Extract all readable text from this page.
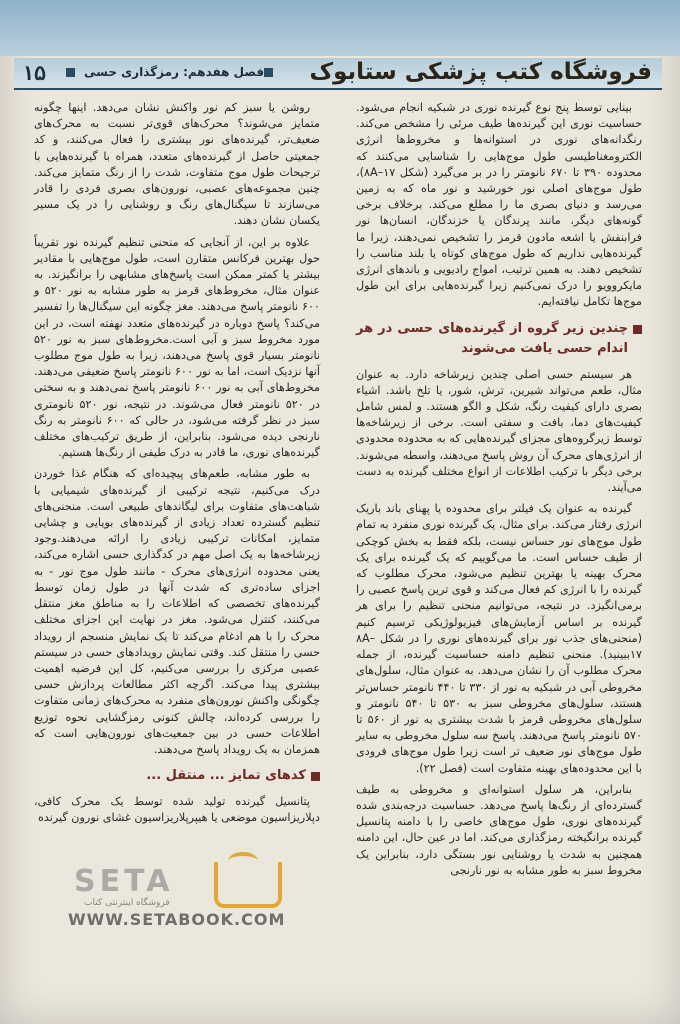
فروشگاه کتب پزشکی ستابوک
فصل هفدهم: رمزگذاری حسی
۱۵

بینایی توسط پنج نوع گیرنده نوری در شبکیه انجام می‌شود. حساسیت نوری این گیرنده‌ها طیف مرئی را مشخص می‌کند. رنگدانه‌های نوری در استوانه‌ها و مخروط‌ها انرژی الکترومغناطیسی طول موج‌هایی را شناسایی می‌کنند که محدوده ۳۹۰ تا ۶۷۰ نانومتر را در بر می‌گیرد (شکل ۸A–۱۷)، طول موج‌های اصلی نور خورشید و نور ماه که به زمین می‌رسد و دنیای بصری ما را مطلع می‌کند. برخلاف برخی گونه‌های دیگر، مانند پرندگان یا خزندگان، انسان‌ها نور فرابنفش یا اشعه مادون قرمز را تشخیص نمی‌دهند، زیرا ما گیرنده‌هایی نداریم که طول موج‌های کوتاه یا بلند مناسب را تشخیص دهند. به همین ترتیب، امواج رادیویی و باندهای انرژی مایکروویو را درک نمی‌کنیم زیرا گیرنده‌هایی برای این طول موج‌ها تکامل نیافته‌ایم.

چندین زیر گروه از گیرنده‌های حسی در هر اندام حسی یافت می‌شوند

هر سیستم حسی اصلی چندین زیرشاخه دارد. به عنوان مثال، طعم می‌تواند شیرین، ترش، شور، یا تلخ باشد. اشیاء بصری دارای کیفیت رنگ، شکل و الگو هستند. و لمس شامل کیفیت‌های دما، بافت و سفتی است. برخی از زیرشاخه‌ها توسط زیرگروه‌های مجزای گیرنده‌هایی که به محدوده محدودی از انرژی‌های محرک آن روش پاسخ می‌دهند، واسطه می‌شوند. برخی دیگر با ترکیب اطلاعات از انواع مختلف گیرنده به دست می‌آیند.

گیرنده به عنوان یک فیلتر برای محدوده یا پهنای باند باریک انرژی رفتار می‌کند. برای مثال، یک گیرنده نوری منفرد به تمام طول موج‌های نور حساس نیست، بلکه فقط به بخش کوچکی از طیف حساس است. ما می‌گوییم که یک گیرنده برای یک محرک بهینه یا بهترین تنظیم می‌شود، محرک مطلوب که گیرنده را با انرژی کم فعال می‌کند و قوی ترین پاسخ عصبی را برمی‌انگیزد. در نتیجه، می‌توانیم منحنی تنظیم را برای هر گیرنده بر اساس آزمایش‌های فیزیولوژیکی ترسیم کنیم (منحنی‌های جذب نور برای گیرنده‌های نوری را در شکل ۸A–۱۷ببینید). منحنی تنظیم دامنه حساسیت گیرنده، از جمله محرک مطلوب آن را نشان می‌دهد. به عنوان مثال، سلول‌های مخروطی آبی در شبکیه به نور از ۳۳۰ تا ۴۴۰ نانومتر حساس‌تر هستند، سلول‌های مخروطی سبز به ۵۳۰ تا ۵۴۰ نانومتر و سلول‌های مخروطی قرمز با شدت بیشتری به نور از ۵۶۰ تا ۵۷۰ نانومتر پاسخ می‌دهند. پاسخ سه سلول مخروطی به سایر طول موج‌های نور ضعیف تر است زیرا طول موج‌های فرودی با این محدوده‌های بهینه متفاوت است (فصل ۲۲).

بنابراین، هر سلول استوانه‌ای و مخروطی به طیف گسترده‌ای از رنگ‌ها پاسخ می‌دهد. حساسیت درجه‌بندی شده گیرنده‌های نوری، طول موج‌های خاصی را با دامنه پتانسیل گیرنده برانگیخته رمزگذاری می‌کند. اما در عین حال، این دامنه همچنین به شدت یا روشنایی نور بستگی دارد، بنابراین یک مخروط سبز به طور مشابه به نور نارنجی

روشن یا سبز کم نور واکنش نشان می‌دهد. اینها چگونه متمایز می‌شوند؟ محرک‌های قوی‌تر نسبت به محرک‌های ضعیف‌تر، گیرنده‌های نور بیشتری را فعال می‌کنند، و کد جمعیتی حاصل از گیرنده‌های متعدد، همراه با گیرنده‌هایی با ترجیحات طول موج متفاوت، شدت را از رنگ متمایز می‌کند. چنین مجموعه‌های عصبی، نورون‌های بصری فردی را قادر می‌سازند تا سیگنال‌های رنگ و روشنایی را در یک مسیر یکسان نشان دهند.

علاوه بر این، از آنجایی که منحنی تنظیم گیرنده نور تقریباً حول بهترین فرکانس متقارن است، طول موج‌هایی با مقادیر بیشتر یا کمتر ممکن است پاسخ‌های مشابهی را برانگیزند. به عنوان مثال، مخروط‌های قرمز به طور مشابه به نور ۵۲۰ و ۶۰۰ نانومتر پاسخ می‌دهند. مغز چگونه این سیگنال‌ها را تفسیر می‌کند؟ پاسخ دوباره در گیرنده‌های متعدد نهفته است، در این مورد مخروط سبز و آبی است.مخروط‌های سبز به نور ۵۲۰ نانومتر بسیار قوی پاسخ می‌دهند، زیرا به طول موج مطلوب آنها نزدیک است، اما به نور ۶۰۰ نانومتر پاسخ ضعیفی می‌دهند. مخروط‌های آبی به نور ۶۰۰ نانومتر پاسخ نمی‌دهند و به سختی در ۵۲۰ نانومتر فعال می‌شوند. در نتیجه، نور ۵۲۰ نانومتری سبز در نظر گرفته می‌شود، در حالی که ۶۰۰ نانومتر به رنگ نارنجی دیده می‌شود. بنابراین، از طریق ترکیب‌های مختلف گیرنده‌های نوری، ما قادر به درک طیفی از رنگ‌ها هستیم.

به طور مشابه، طعم‌های پیچیده‌ای که هنگام غذا خوردن درک می‌کنیم، نتیجه ترکیبی از گیرنده‌های شیمیایی با شباهت‌های متفاوت برای لیگاندهای طبیعی است. منحنی‌های تنظیم گسترده تعداد زیادی از گیرنده‌های بویایی و چشایی متمایز، امکانات ترکیبی زیادی را ارائه می‌دهند.وجود زیرشاخه‌ها به یک اصل مهم در کدگذاری حسی اشاره می‌کند، یعنی محدوده انرژی‌های محرک - مانند طول موج نور - به اجزای ساده‌تری که شدت آنها در طول زمان توسط گیرنده‌های تخصصی که اطلاعات را به مناطق مغز منتقل می‌کنند، کنترل می‌شود. مغز در نهایت این اجزای مختلف محرک را با هم ادغام می‌کند تا یک نمایش منسجم از رویداد حسی را منتقل کند. وقتی نمایش رویدادهای حسی در سیستم عصبی مرکزی را بررسی می‌کنیم، کل این فرضیه اهمیت بیشتری پیدا می‌کند. اگرچه اکثر مطالعات پردازش حسی چگونگی واکنش نورون‌های منفرد به محرک‌های زمانی متفاوت را بررسی کرده‌اند، چالش کنونی رمزگشایی نحوه توزیع اطلاعات حسی در بین جمعیت‌های نورون‌هایی است که همزمان به یک رویداد پاسخ می‌دهند.

کدهای تمایز ... منتقل ...

پتانسیل گیرنده تولید شده توسط یک محرک کافی، دپلاریزاسیون موضعی یا هیپرپلاریزاسیون غشای نورون گیرنده

SETA
فروشگاه اینترنتی کتاب
WWW.SETABOOK.COM
